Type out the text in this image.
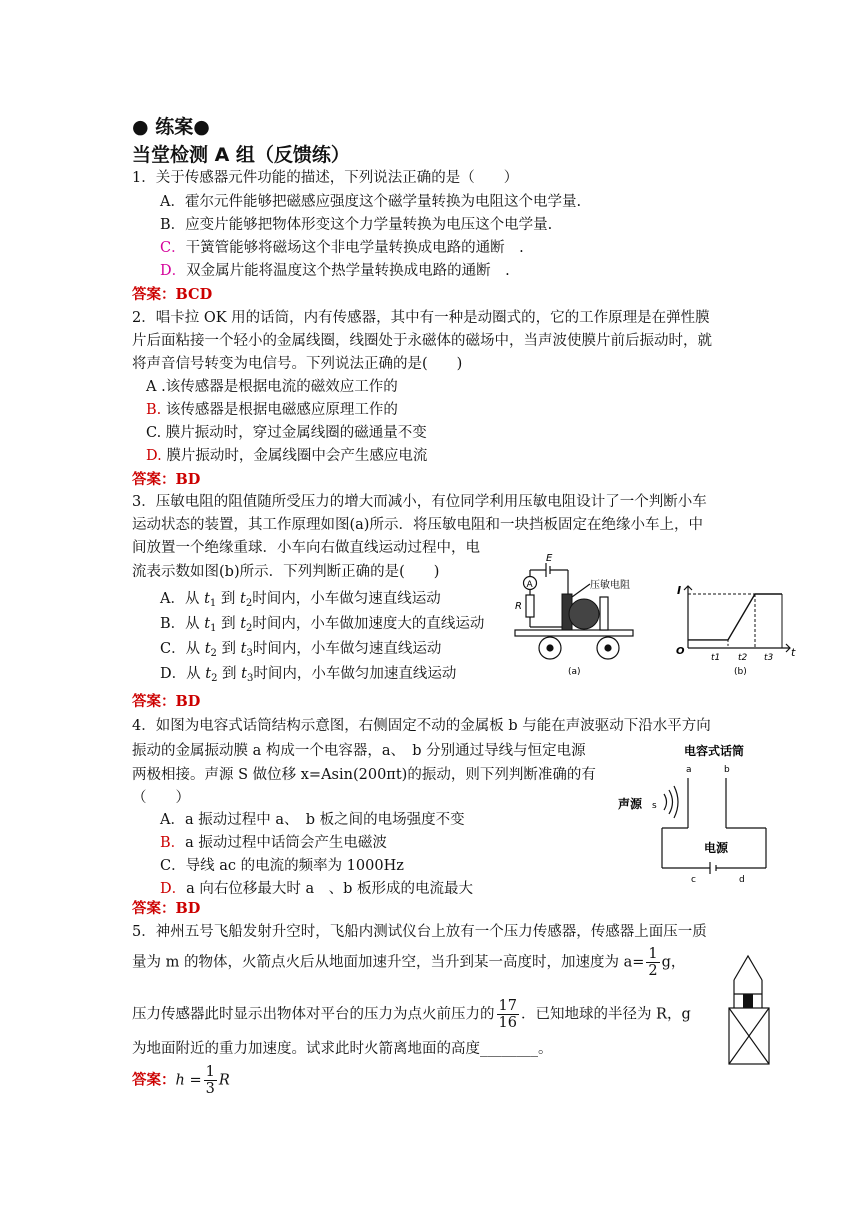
● 练案●
当堂检测 A 组（反馈练）
1．关于传感器元件功能的描述，下列说法正确的是（　　）
A．霍尔元件能够把磁感应强度这个磁学量转换为电阻这个电学量.
B．应变片能够把物体形变这个力学量转换为电压这个电学量.
C．干簧管能够将磁场这个非电学量转换成电路的通断　.
D．双金属片能将温度这个热学量转换成电路的通断　.
答案：BCD
2．唱卡拉 OK 用的话筒，内有传感器，其中有一种是动圈式的，它的工作原理是在弹性膜
片后面粘接一个轻小的金属线圈，线圈处于永磁体的磁场中，当声波使膜片前后振动时，就
将声音信号转变为电信号。下列说法正确的是(　　)
A .该传感器是根据电流的磁效应工作的
B. 该传感器是根据电磁感应原理工作的
C. 膜片振动时，穿过金属线圈的磁通量不变
D. 膜片振动时，金属线圈中会产生感应电流
答案：BD
3．压敏电阻的阻值随所受压力的增大而减小，有位同学利用压敏电阻设计了一个判断小车
运动状态的装置，其工作原理如图(a)所示．将压敏电阻和一块挡板固定在绝缘小车上，中
间放置一个绝缘重球．小车向右做直线运动过程中，电
流表示数如图(b)所示．下列判断正确的是(　　)
A．从 $t_1$ 到 $t_2$时间内，小车做匀速直线运动
B．从 $t_1$ 到 $t_2$时间内，小车做加速度大的直线运动
C．从 $t_2$ 到 $t_3$时间内，小车做匀速直线运动
D．从 $t_2$ 到 $t_3$时间内，小车做匀加速直线运动
答案：BD
E
A
R
压敏电阻
(a)
I
O	t
t1 t2 t3
(b)
4．如图为电容式话筒结构示意图，右侧固定不动的金属板 b 与能在声波驱动下沿水平方向
振动的金属振动膜 a 构成一个电容器，a、　b 分别通过导线与恒定电源
两极相接。声源 S 做位移 x=Asin(200πt)的振动，则下列判断准确的有
（　　）
A．a 振动过程中 a、　b 板之间的电场强度不变
B．a 振动过程中话筒会产生电磁波
C．导线 ac 的电流的频率为 1000Hz
D．a 向右位移最大时 a　、b 板形成的电流最大
答案：BD
电容式话筒
a	b
声源 s
电源
c	d
5．神州五号飞船发射升空时，飞船内测试仪台上放有一个压力传感器，传感器上面压一质
量为 m 的物体，火箭点火后从地面加速升空，当升到某一高度时，加速度为 $a= \frac{1}{2}$ g，
压力传感器此时显示出物体对平台的压力为点火前压力的 $\frac{17}{16}$ ．已知地球的半径为 R，g
为地面附近的重力加速度。试求此时火箭离地面的高度________。
答案：$h = \frac{1}{3}$ R
